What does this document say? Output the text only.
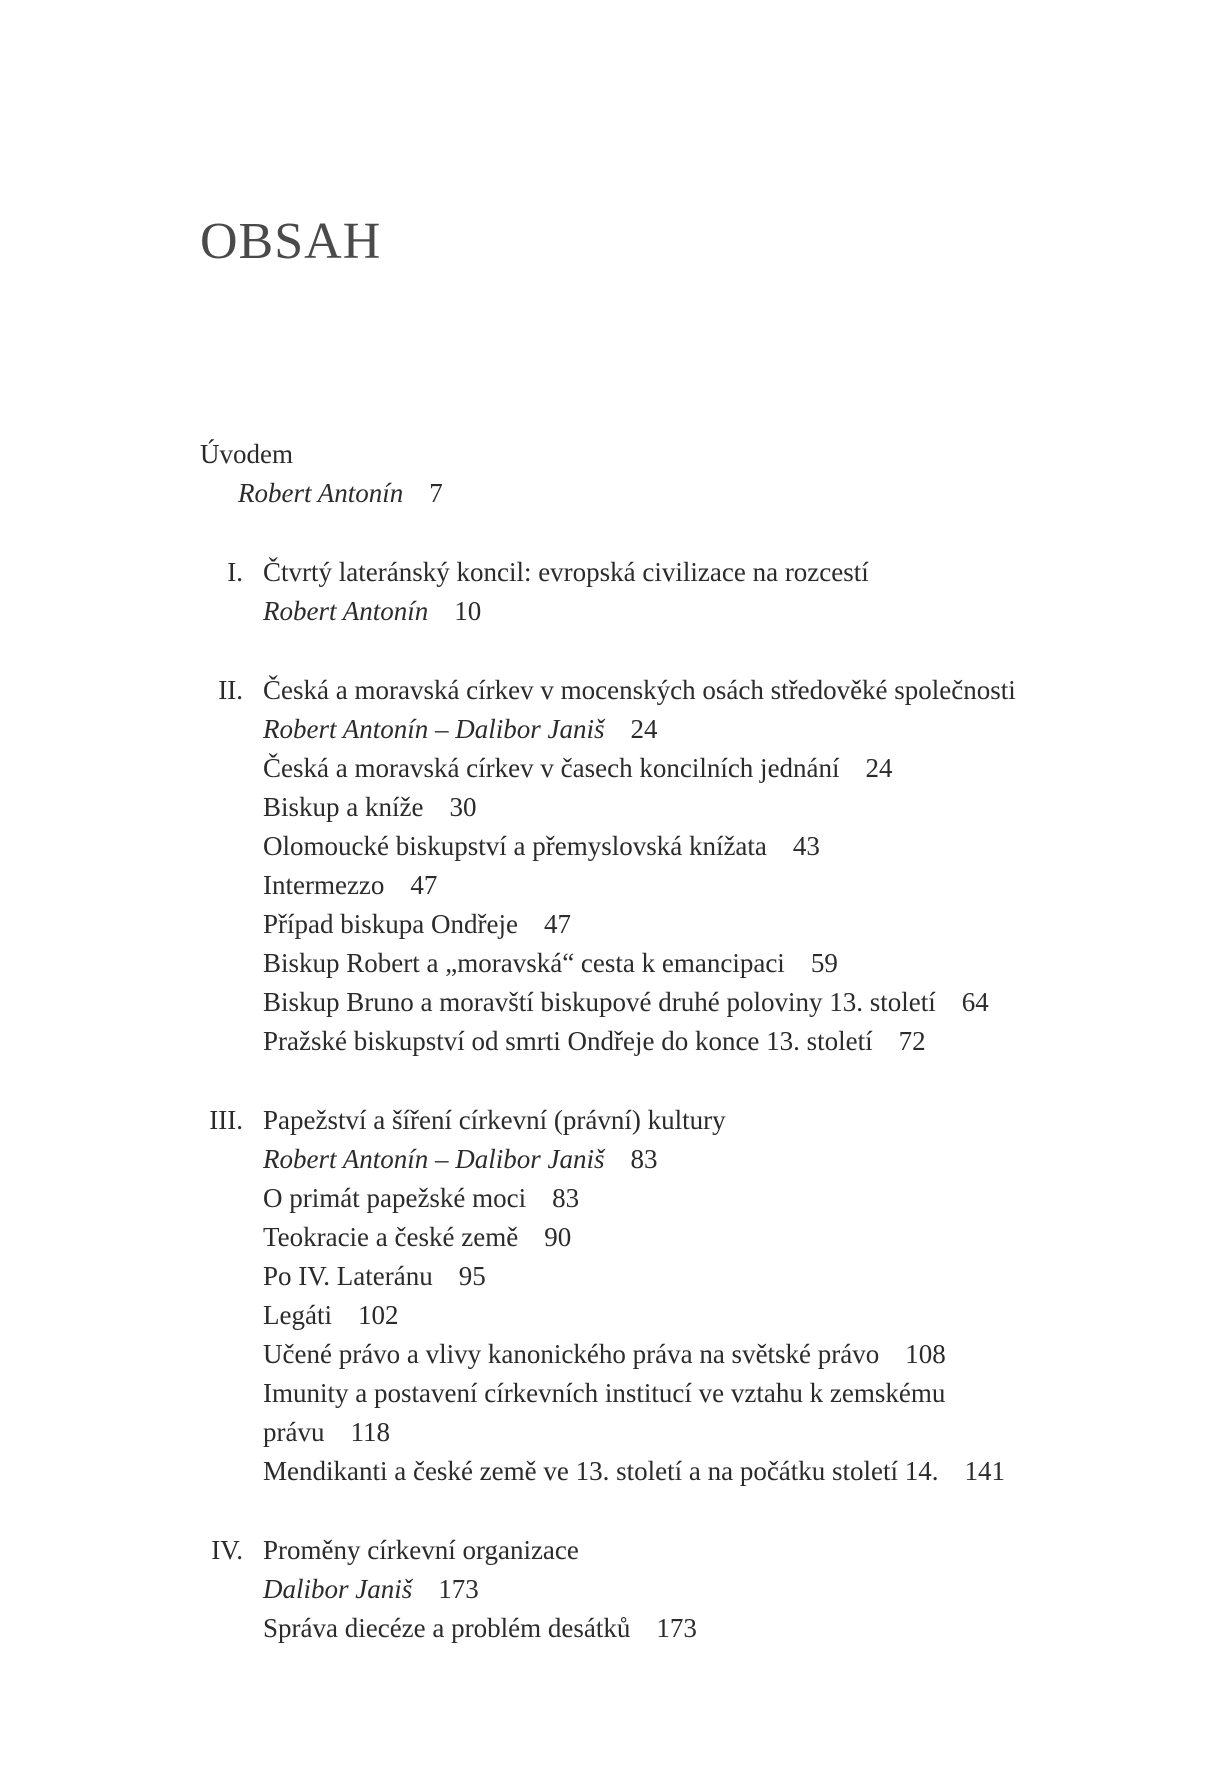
OBSAH
Úvodem
Robert Antonín 7
I. Čtvrtý lateránský koncil: evropská civilizace na rozcestí
Robert Antonín 10
II. Česká a moravská církev v mocenských osách středověké společnosti
Robert Antonín – Dalibor Janiš 24
Česká a moravská církev v časech koncilních jednání 24
Biskup a kníže 30
Olomoucké biskupství a přemyslovská knížata 43
Intermezzo 47
Případ biskupa Ondřeje 47
Biskup Robert a „moravská“ cesta k emancipaci 59
Biskup Bruno a moravští biskupové druhé poloviny 13. století 64
Pražské biskupství od smrti Ondřeje do konce 13. století 72
III. Papežství a šíření církevní (právní) kultury
Robert Antonín – Dalibor Janiš 83
O primát papežské moci 83
Teokracie a české země 90
Po IV. Lateránu 95
Legáti 102
Učené právo a vlivy kanonického práva na světské právo 108
Imunity a postavení církevních institucí ve vztahu k zemskému
právu 118
Mendikanti a české země ve 13. století a na počátku století 14. 141
IV. Proměny církevní organizace
Dalibor Janiš 173
Správa diecéze a problém desátků 173
